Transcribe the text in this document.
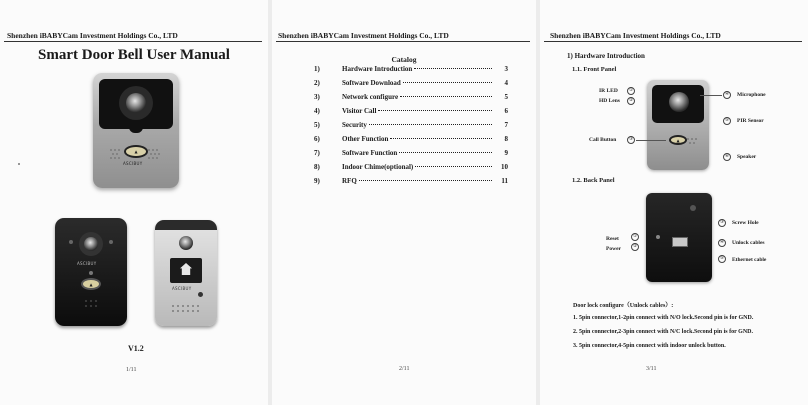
Shenzhen iBABYCam Investment Holdings Co., LTD
Smart Door Bell User Manual
▲
ASCIBUY
ASCIBUY
▲
ASCIBUY
V1.2
1/11
Shenzhen iBABYCam Investment Holdings Co., LTD
Catalog
1)	Hardware Introduction	3
2)	Software Download	4
3)	Network configure	5
4)	Visitor Call	6
5)	Security	7
6)	Other Function	8
7)	Software Function	9
8)	Indoor Chime(optional)	10
9)	RFQ	11
2/11
Shenzhen iBABYCam Investment Holdings Co., LTD
1) Hardware Introduction
1.1. Front Panel
▲
IR LED	①
HD Lens	②
Call Button	③
④	Microphone
⑤	PIR Sensor
⑥	Speaker
1.2. Back Panel
Reset	①
Power	②
③	Screw Hole
④	Unlock cables
⑤	Ethernet cable
Door lock configure（Unlock cables）:
1. 5pin connector,1-2pin connect with N/O lock.Second pin is for GND.
2. 5pin connector,2-3pin connect with N/C lock.Second pin is for GND.
3. 5pin connector,4-5pin connect with indoor unlock button.
3/11
